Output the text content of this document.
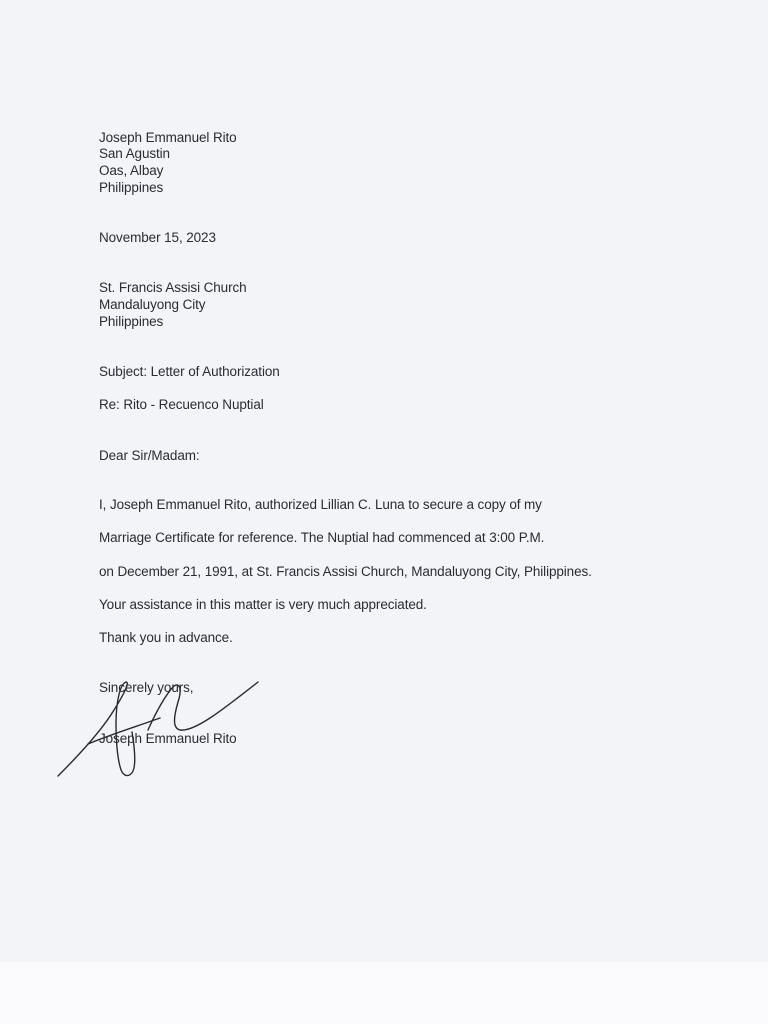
Joseph Emmanuel Rito
San Agustin
Oas, Albay
Philippines
November 15, 2023
St. Francis Assisi Church
Mandaluyong City
Philippines
Subject: Letter of Authorization
Re: Rito - Recuenco Nuptial
Dear Sir/Madam:
I, Joseph Emmanuel Rito, authorized Lillian C. Luna to secure a copy of my
Marriage Certificate for reference. The Nuptial had commenced at 3:00 P.M.
on December 21, 1991, at St. Francis Assisi Church, Mandaluyong City, Philippines.
Your assistance in this matter is very much appreciated.
Thank you in advance.
Sincerely yours,
Joseph Emmanuel Rito
